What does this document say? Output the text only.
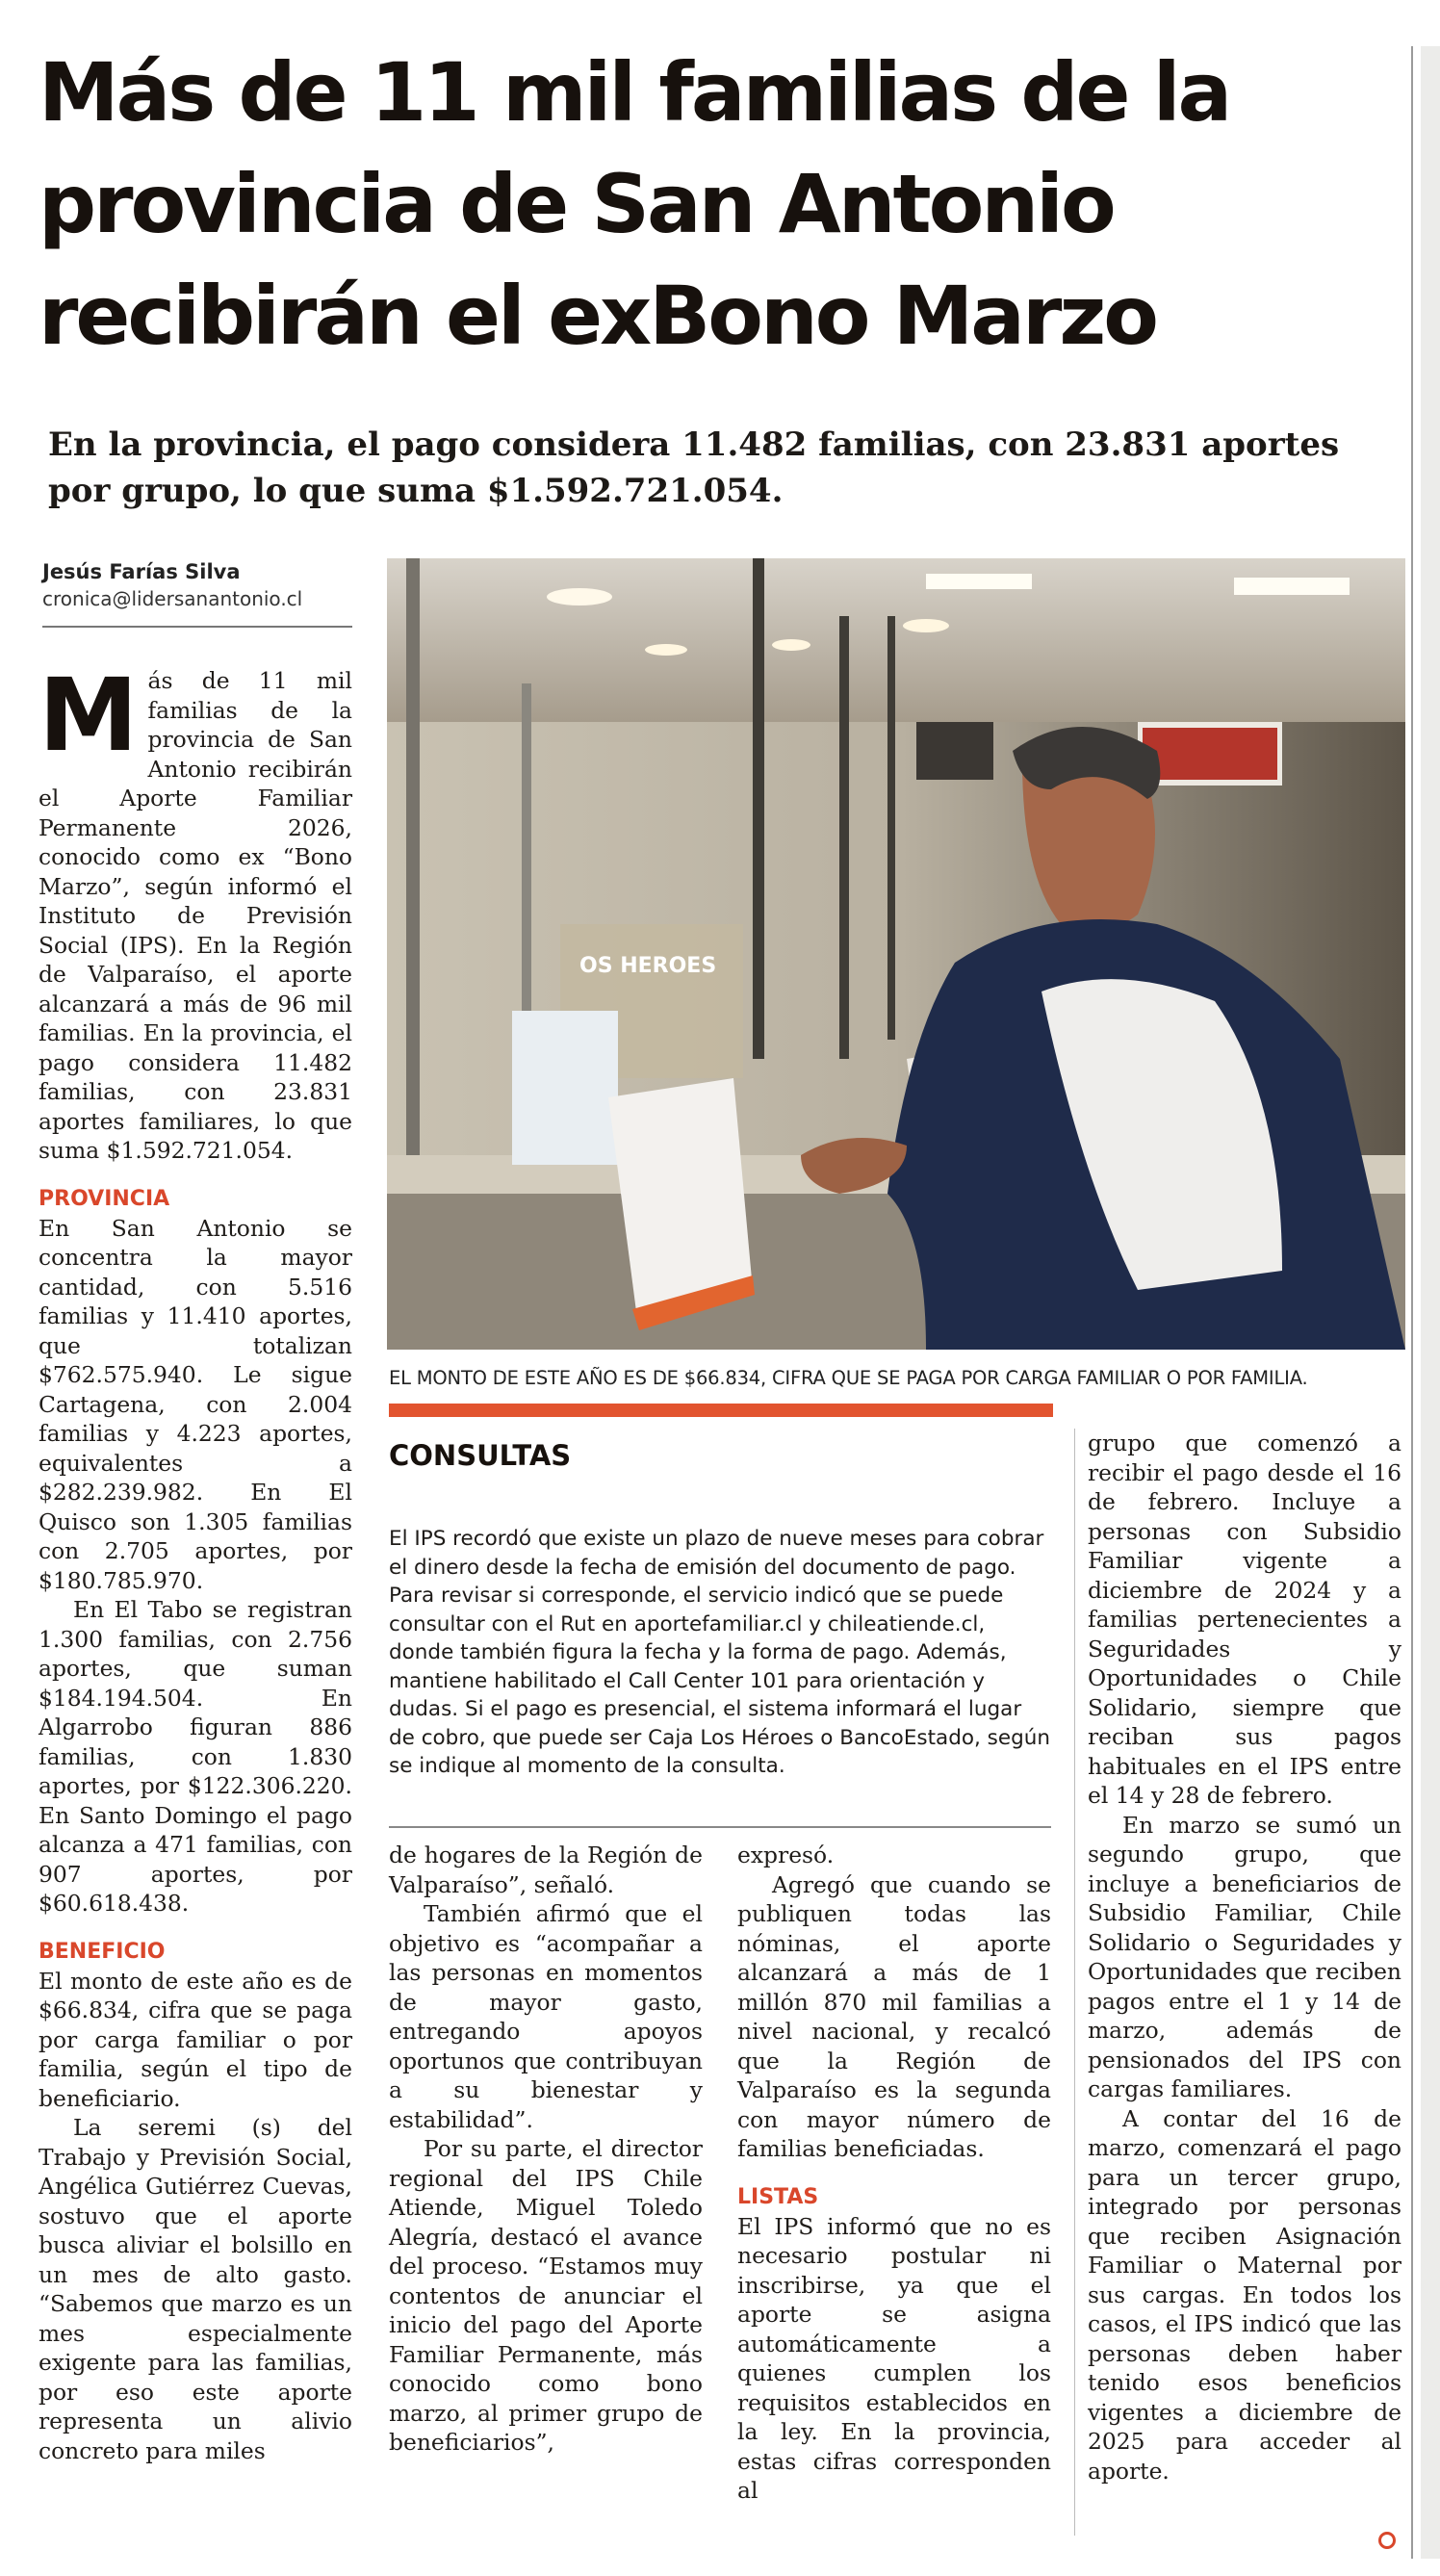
Más de 11 mil familias de la
provincia de San Antonio
recibirán el exBono Marzo
En la provincia, el pago considera 11.482 familias, con 23.831 aportes por grupo, lo que suma $1.592.721.054.
Jesús Farías Silva
cronica@lidersanantonio.cl

Más de 11 mil familias de la provincia de San Antonio recibirán el Aporte Familiar Permanente 2026, conocido como ex “Bono Marzo”, según informó el Instituto de Previsión Social (IPS). En la Región de Valparaíso, el aporte alcanzará a más de 96 mil familias. En la provincia, el pago considera 11.482 familias, con 23.831 aportes familiares, lo que suma $1.592.721.054.

PROVINCIA

En San Antonio se concentra la mayor cantidad, con 5.516 familias y 11.410 aportes, que totalizan $762.575.940. Le sigue Cartagena, con 2.004 familias y 4.223 aportes, equivalentes a $282.239.982. En El Quisco son 1.305 familias con 2.705 aportes, por $180.785.970.

En El Tabo se registran 1.300 familias, con 2.756 aportes, que suman $184.194.504. En Algarrobo figuran 886 familias, con 1.830 aportes, por $122.306.220. En Santo Domingo el pago alcanza a 471 familias, con 907 aportes, por $60.618.438.

BENEFICIO

El monto de este año es de $66.834, cifra que se paga por carga familiar o por familia, según el tipo de beneficiario.

La seremi (s) del Trabajo y Previsión Social, Angélica Gutiérrez Cuevas, sostuvo que el aporte busca aliviar el bolsillo en un mes de alto gasto. “Sabemos que marzo es un mes especialmente exigente para las familias, por eso este aporte representa un alivio concreto para miles

OS HEROES
EL MONTO DE ESTE AÑO ES DE $66.834, CIFRA QUE SE PAGA POR CARGA FAMILIAR O POR FAMILIA.
CONSULTAS

El IPS recordó que existe un plazo de nueve meses para cobrar el dinero desde la fecha de emisión del documento de pago. Para revisar si corresponde, el servicio indicó que se puede consultar con el Rut en aportefamiliar.cl y chileatiende.cl, donde también figura la fecha y la forma de pago. Además, mantiene habilitado el Call Center 101 para orientación y dudas. Si el pago es presencial, el sistema informará el lugar de cobro, que puede ser Caja Los Héroes o BancoEstado, según se indique al momento de la consulta.

de hogares de la Región de Valparaíso”, señaló.

También afirmó que el objetivo es “acompañar a las personas en momentos de mayor gasto, entregando apoyos oportunos que contribuyan a su bienestar y estabilidad”.

Por su parte, el director regional del IPS Chile Atiende, Miguel Toledo Alegría, destacó el avance del proceso. “Estamos muy contentos de anunciar el inicio del pago del Aporte Familiar Permanente, más conocido como bono marzo, al primer grupo de beneficiarios”,

expresó.

Agregó que cuando se publiquen todas las nóminas, el aporte alcanzará a más de 1 millón 870 mil familias a nivel nacional, y recalcó que la Región de Valparaíso es la segunda con mayor número de familias beneficiadas.

LISTAS

El IPS informó que no es necesario postular ni inscribirse, ya que el aporte se asigna automáticamente a quienes cumplen los requisitos establecidos en la ley. En la provincia, estas cifras corresponden al

grupo que comenzó a recibir el pago desde el 16 de febrero. Incluye a personas con Subsidio Familiar vigente a diciembre de 2024 y a familias pertenecientes a Seguridades y Oportunidades o Chile Solidario, siempre que reciban sus pagos habituales en el IPS entre el 14 y 28 de febrero.

En marzo se sumó un segundo grupo, que incluye a beneficiarios de Subsidio Familiar, Chile Solidario o Seguridades y Oportunidades que reciben pagos entre el 1 y 14 de marzo, además de pensionados del IPS con cargas familiares.

A contar del 16 de marzo, comenzará el pago para un tercer grupo, integrado por personas que reciben Asignación Familiar o Maternal por sus cargas. En todos los casos, el IPS indicó que las personas deben haber tenido esos beneficios vigentes a diciembre de 2025 para acceder al aporte.
